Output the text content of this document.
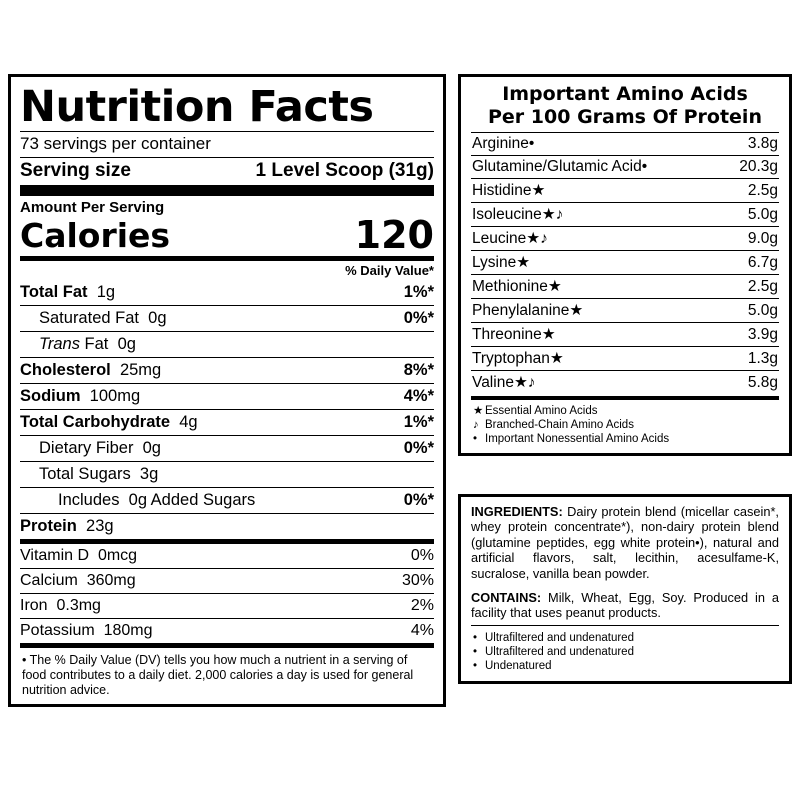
Nutrition Facts
73 servings per container
Serving size	1 Level Scoop (31g)
Amount Per Serving
Calories	120
% Daily Value*
Total Fat 1g	1%*
Saturated Fat 0g	0%*
Trans Fat 0g
Cholesterol 25mg	8%*
Sodium 100mg	4%*
Total Carbohydrate 4g	1%*
Dietary Fiber 0g	0%*
Total Sugars 3g
Includes 0g Added Sugars	0%*
Protein 23g
Vitamin D 0mcg	0%
Calcium 360mg	30%
Iron 0.3mg	2%
Potassium 180mg	4%
• The % Daily Value (DV) tells you how much a nutrient in a serving of food contributes to a daily diet. 2,000 calories a day is used for general nutrition advice.
Important Amino Acids
Per 100 Grams Of Protein
Arginine•	3.8g
Glutamine/Glutamic Acid•	20.3g
Histidine★	2.5g
Isoleucine★♪	5.0g
Leucine★♪	9.0g
Lysine★	6.7g
Methionine★	2.5g
Phenylalanine★	5.0g
Threonine★	3.9g
Tryptophan★	1.3g
Valine★♪	5.8g
★ Essential Amino Acids
♪ Branched-Chain Amino Acids
• Important Nonessential Amino Acids

INGREDIENTS: Dairy protein blend (micellar casein*, whey protein concentrate*), non-dairy protein blend (glutamine peptides, egg white protein•), natural and artificial flavors, salt, lecithin, acesulfame-K, sucralose, vanilla bean powder.

CONTAINS: Milk, Wheat, Egg, Soy. Produced in a facility that uses peanut products.

• Ultrafiltered and undenatured
• Ultrafiltered and undenatured
• Undenatured
